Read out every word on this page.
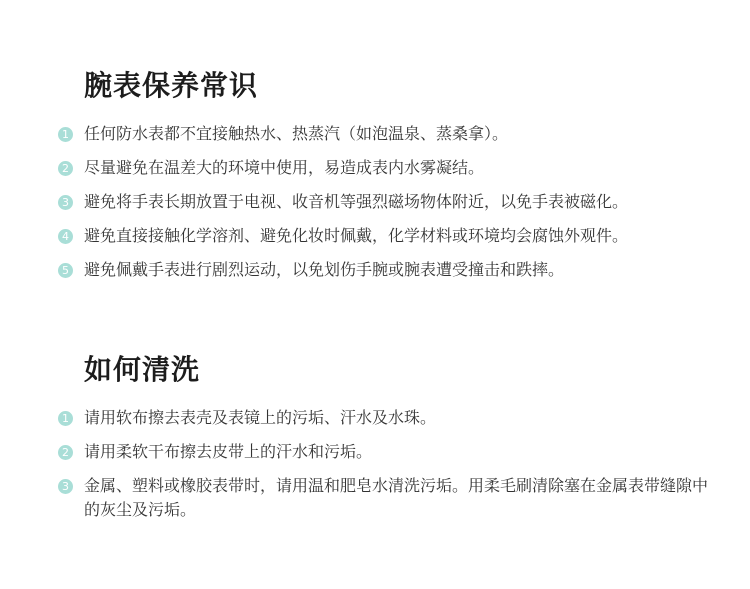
腕表保养常识
1 任何防水表都不宜接触热水、热蒸汽（如泡温泉、蒸桑拿）。
2 尽量避免在温差大的环境中使用，易造成表内水雾凝结。
3 避免将手表长期放置于电视、收音机等强烈磁场物体附近，以免手表被磁化。
4 避免直接接触化学溶剂、避免化妆时佩戴，化学材料或环境均会腐蚀外观件。
5 避免佩戴手表进行剧烈运动，以免划伤手腕或腕表遭受撞击和跌摔。
如何清洗
1 请用软布擦去表壳及表镜上的污垢、汗水及水珠。
2 请用柔软干布擦去皮带上的汗水和污垢。
3 金属、塑料或橡胶表带时，请用温和肥皂水清洗污垢。用柔毛刷清除塞在金属表带缝隙中的灰尘及污垢。
